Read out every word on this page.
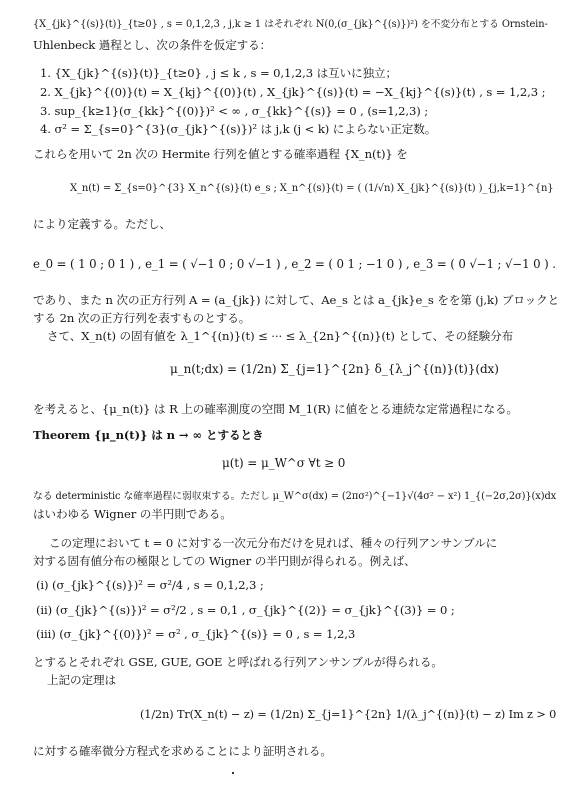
{X_{jk}^{(s)}(t)}_{t≥0} , s = 0,1,2,3 , j,k ≥ 1 はそれぞれ N(0,(σ_{jk}^{(s)})²) を不変分布とする Ornstein-
Uhlenbeck 過程とし、次の条件を仮定する：
1. {X_{jk}^{(s)}(t)}_{t≥0} , j ≤ k , s = 0,1,2,3 は互いに独立；
2. X_{jk}^{(0)}(t) = X_{kj}^{(0)}(t) , X_{jk}^{(s)}(t) = −X_{kj}^{(s)}(t) , s = 1,2,3 ;
3. sup_{k≥1}(σ_{kk}^{(0)})² < ∞ , σ_{kk}^{(s)} = 0 , (s=1,2,3) ;
4. σ² = Σ_{s=0}^{3}(σ_{jk}^{(s)})² は j,k (j < k) によらない正定数。
これらを用いて 2n 次の Hermite 行列を値とする確率過程 {X_n(t)} を
X_n(t) = Σ_{s=0}^{3} X_n^{(s)}(t) e_s ; X_n^{(s)}(t) = ( (1/√n) X_{jk}^{(s)}(t) )_{j,k=1}^{n}
により定義する。ただし、
e_0 = ( 1 0 ; 0 1 ) , e_1 = ( √−1 0 ; 0 √−1 ) , e_2 = ( 0 1 ; −1 0 ) , e_3 = ( 0 √−1 ; √−1 0 ) .
であり、また n 次の正方行列 A = (a_{jk}) に対して、Ae_s とは a_{jk}e_s をを第 (j,k) ブロックと
する 2n 次の正方行列を表すものとする。
さて、X_n(t) の固有値を λ_1^{(n)}(t) ≤ ··· ≤ λ_{2n}^{(n)}(t) として、その経験分布
μ_n(t;dx) = (1/2n) Σ_{j=1}^{2n} δ_{λ_j^{(n)}(t)}(dx)
を考えると、{μ_n(t)} は R 上の確率測度の空間 M_1(R) に値をとる連続な定常過程になる。
Theorem {μ_n(t)} は n → ∞ とするとき
μ(t) = μ_W^σ ∀t ≥ 0
なる deterministic な確率過程に弱収束する。ただし μ_W^σ(dx) = (2πσ²)^{−1}√(4σ² − x²) 1_{(−2σ,2σ)}(x)dx
はいわゆる Wigner の半円則である。
この定理において t = 0 に対する一次元分布だけを見れば、種々の行列アンサンブルに
対する固有値分布の極限としての Wigner の半円則が得られる。例えば、
(i) (σ_{jk}^{(s)})² = σ²/4 , s = 0,1,2,3 ;
(ii) (σ_{jk}^{(s)})² = σ²/2 , s = 0,1 , σ_{jk}^{(2)} = σ_{jk}^{(3)} = 0 ;
(iii) (σ_{jk}^{(0)})² = σ² , σ_{jk}^{(s)} = 0 , s = 1,2,3
とするとそれぞれ GSE, GUE, GOE と呼ばれる行列アンサンブルが得られる。
上記の定理は
(1/2n) Tr(X_n(t) − z) = (1/2n) Σ_{j=1}^{2n} 1/(λ_j^{(n)}(t) − z) Im z > 0
に対する確率微分方程式を求めることにより証明される。
